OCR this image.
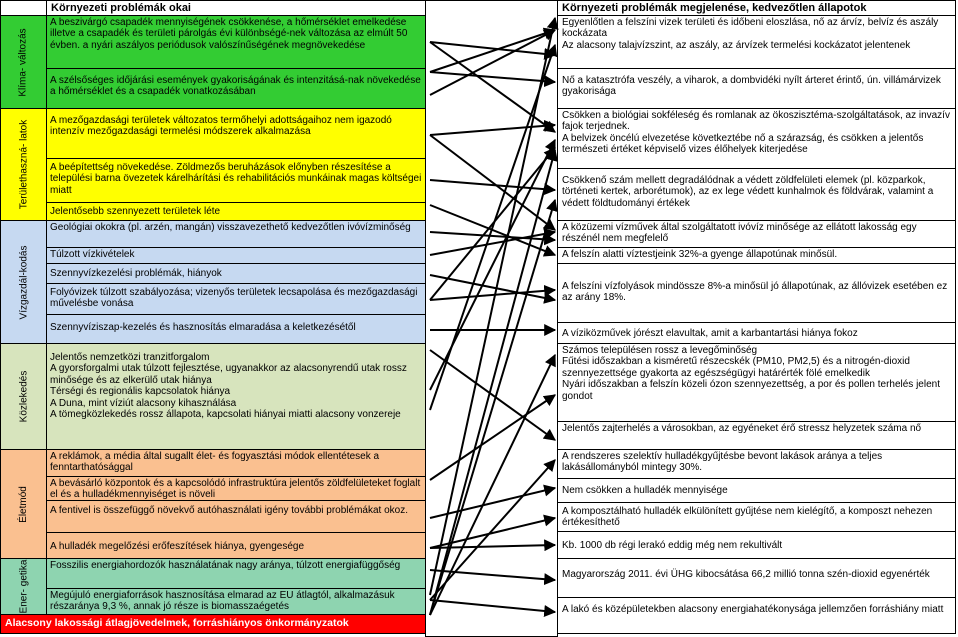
Környezeti problémák okai	Környezeti problémák megjelenése, kedvezőtlen állapotok
Klíma- változás
Területhaszná- latok
Vízgazdál-kodás
Közlekedés
Életmód
Ener- getika
A beszivárgó csapadék mennyiségének csökkenése, a hőmérséklet emelkedése illetve a csapadék és területi párolgás évi különbségé-nek változása az elmúlt 50 évben. a nyári aszályos periódusok valószínűségének megnövekedése
A szélsőséges időjárási események gyakoriságának és intenzitásá-nak növekedése a hőmérséklet és a csapadék vonatkozásában
A mezőgazdasági területek változatos termőhelyi adottságaihoz nem igazodó intenzív mezőgazdasági termelési módszerek alkalmazása
A beépítettség növekedése. Zöldmezős beruházások előnyben részesítése a települési barna övezetek kárelhárítási és rehabilitációs munkáinak magas költségei miatt
Jelentősebb szennyezett területek léte
Geológiai okokra (pl. arzén, mangán) visszavezethető kedvezőtlen ivóvízminőség
Túlzott vízkivételek
Szennyvízkezelési problémák, hiányok
Folyóvizek túlzott szabályozása; vizenyős területek lecsapolása és mezőgazdasági művelésbe vonása
Szennyvíziszap-kezelés és hasznosítás elmaradása a keletkezésétől
Jelentős nemzetközi tranzitforgalom
A gyorsforgalmi utak túlzott fejlesztése, ugyanakkor az alacsonyrendű utak rossz minősége és az elkerülő utak hiánya
Térségi és regionális kapcsolatok hiánya
A Duna, mint víziút alacsony kihasználása
A tömegközlekedés rossz állapota, kapcsolati hiányai miatti alacsony vonzereje
A reklámok, a média által sugallt élet- és fogyasztási módok ellentétesek a fenntarthatósággal
A bevásárló központok és a kapcsolódó infrastruktúra jelentős zöldfelületeket foglalt el és a hulladékmennyiséget is növeli
A fentivel is összefüggő növekvő autóhasználati igény további problémákat okoz.
A hulladék megelőzési erőfeszítések hiánya, gyengesége
Fosszilis energiahordozók használatának nagy aránya, túlzott energiafüggőség
Megújuló energiaforrások hasznosítása elmarad az EU átlagtól, alkalmazásuk részaránya 9,3 %, annak jó része is biomasszaégetés
Alacsony lakossági átlagjövedelmek, forráshiányos önkormányzatok
Egyenlőtlen a felszíni vizek területi és időbeni eloszlása, nő az árvíz, belvíz és aszály kockázata
Az alacsony talajvízszint, az aszály, az árvízek termelési kockázatot jelentenek
Nő a katasztrófa veszély, a viharok, a dombvidéki nyílt árteret érintő, ún. villámárvizek gyakorisága
Csökken a biológiai sokféleség és romlanak az ökoszisztéma-szolgáltatások, az invazív fajok terjednek.
A belvizek öncélú elvezetése következtébe nő a szárazság, és csökken a jelentős természeti értéket képviselő vizes élőhelyek kiterjedése
Csökkenő szám mellett degradálódnak a védett zöldfelületi elemek (pl. közparkok, történeti kertek, arborétumok), az ex lege védett kunhalmok és földvárak, valamint a védett földtudományi értékek
A közüzemi vízművek által szolgáltatott ivóvíz minősége az ellátott lakosság egy részénél nem megfelelő
A felszín alatti víztestjeink 32%-a gyenge állapotúnak minősül.
A felszíni vízfolyások mindössze 8%-a minősül jó állapotúnak, az állóvizek esetében ez az arány 18%.
A víziközművek jórészt elavultak, amit a karbantartási hiánya fokoz
Számos településen rossz a levegőminőség
Fűtési időszakban a kisméretű részecskék (PM10, PM2,5) és a nitrogén-dioxid szennyezettsége gyakorta az egészségügyi határérték fölé emelkedik
Nyári időszakban a felszín közeli ózon szennyezettség, a por és pollen terhelés jelent gondot
Jelentős zajterhelés a városokban, az egyéneket érő stressz helyzetek száma nő
A rendszeres szelektív hulladékgyűjtésbe bevont lakások aránya a teljes lakásállományból mintegy 30%.
Nem csökken a hulladék mennyisége
A komposztálható hulladék elkülönített gyűjtése nem kielégítő, a komposzt nehezen értékesíthető
Kb. 1000 db régi lerakó eddig még nem rekultivált
Magyarország 2011. évi ÜHG kibocsátása 66,2 millió tonna szén-dioxid egyenérték
A lakó és középületekben alacsony energiahatékonysága jellemzően forráshiány miatt
